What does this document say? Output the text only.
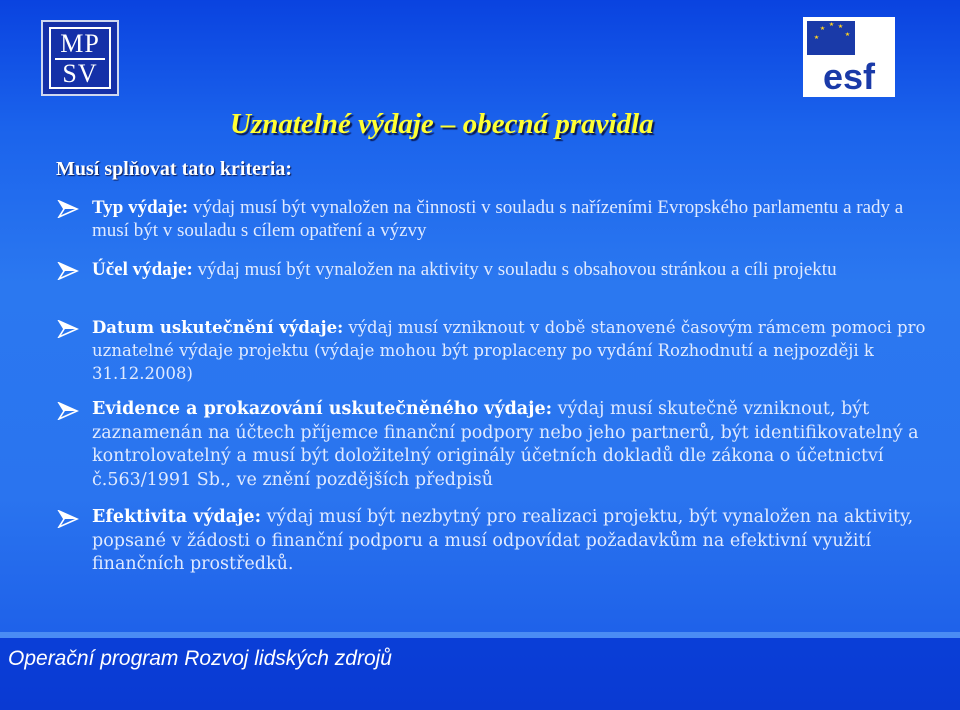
MP
SV	esf
Uznatelné výdaje – obecná pravidla
Musí splňovat tato kriteria:
Typ výdaje: výdaj musí být vynaložen na činnosti v souladu s nařízeními Evropského parlamentu a rady a musí být v souladu s cílem opatření a výzvy
Účel výdaje: výdaj musí být vynaložen na aktivity v souladu s obsahovou stránkou a cíli projektu
Datum uskutečnění výdaje: výdaj musí vzniknout v době stanovené časovým rámcem pomoci pro uznatelné výdaje projektu (výdaje mohou být proplaceny po vydání Rozhodnutí a nejpozději k 31.12.2008)
Evidence a prokazování uskutečněného výdaje: výdaj musí skutečně vzniknout, být zaznamenán na účtech příjemce finanční podpory nebo jeho partnerů, být identifikovatelný a kontrolovatelný a musí být doložitelný originály účetních dokladů dle zákona o účetnictví č.563/1991 Sb., ve znění pozdějších předpisů
Efektivita výdaje: výdaj musí být nezbytný pro realizaci projektu, být vynaložen na aktivity, popsané v žádosti o finanční podporu a musí odpovídat požadavkům na efektivní využití finančních prostředků.
Operační program Rozvoj lidských zdrojů
